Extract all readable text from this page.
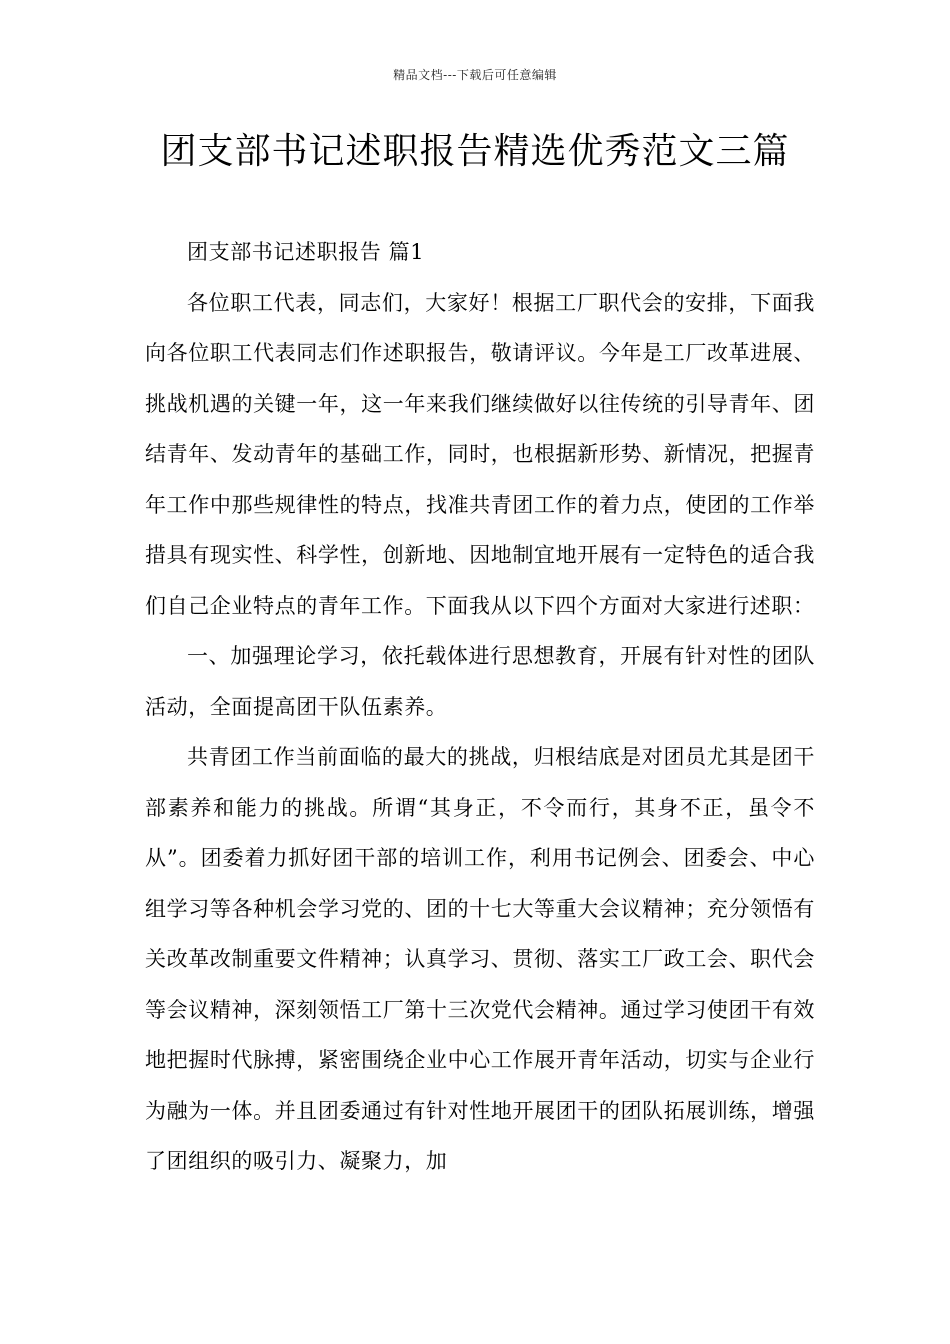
精品文档---下载后可任意编辑
团支部书记述职报告精选优秀范文三篇

团支部书记述职报告 篇1

各位职工代表，同志们，大家好！根据工厂职代会的安排，下面我向各位职工代表同志们作述职报告，敬请评议。今年是工厂改革进展、挑战机遇的关键一年，这一年来我们继续做好以往传统的引导青年、团结青年、发动青年的基础工作，同时，也根据新形势、新情况，把握青年工作中那些规律性的特点，找准共青团工作的着力点，使团的工作举措具有现实性、科学性，创新地、因地制宜地开展有一定特色的适合我们自己企业特点的青年工作。下面我从以下四个方面对大家进行述职：

一、加强理论学习，依托载体进行思想教育，开展有针对性的团队活动，全面提高团干队伍素养。

共青团工作当前面临的最大的挑战，归根结底是对团员尤其是团干部素养和能力的挑战。所谓“其身正，不令而行，其身不正，虽令不从”。团委着力抓好团干部的培训工作，利用书记例会、团委会、中心组学习等各种机会学习党的、团的十七大等重大会议精神；充分领悟有关改革改制重要文件精神；认真学习、贯彻、落实工厂政工会、职代会等会议精神，深刻领悟工厂第十三次党代会精神。通过学习使团干有效地把握时代脉搏，紧密围绕企业中心工作展开青年活动，切实与企业行为融为一体。并且团委通过有针对性地开展团干的团队拓展训练，增强了团组织的吸引力、凝聚力，加
